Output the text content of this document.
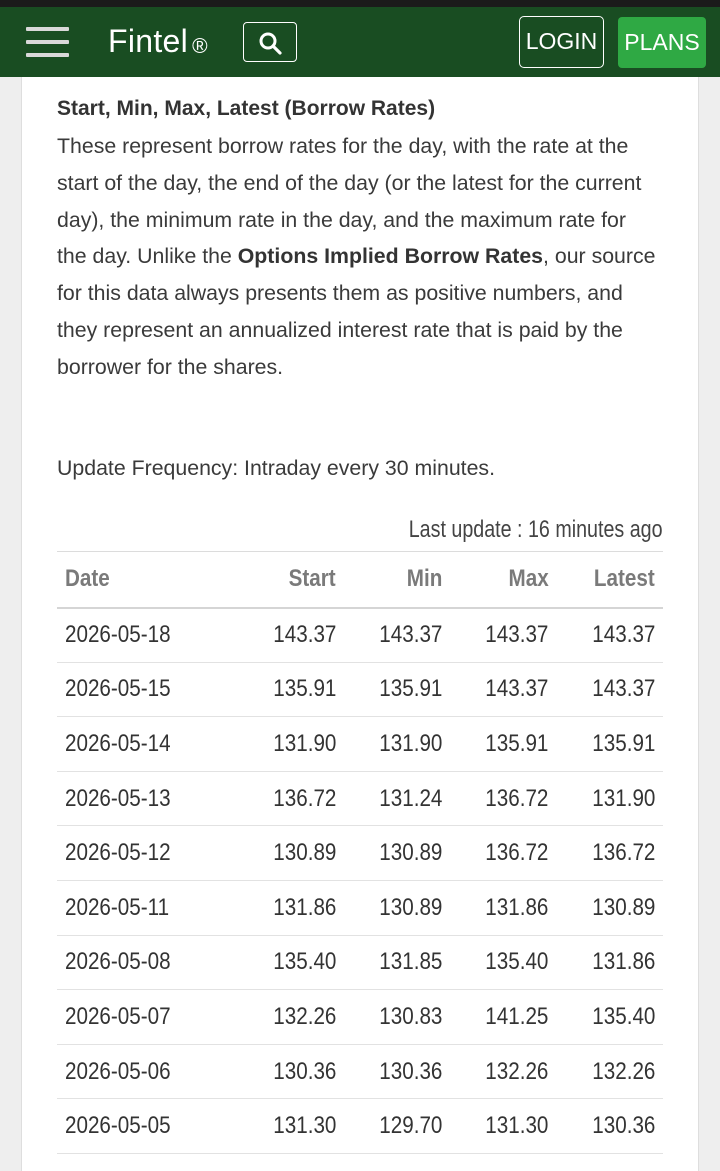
Fintel ®	LOGIN PLANS
Start, Min, Max, Latest (Borrow Rates)
These represent borrow rates for the day, with the rate at the start of the day, the end of the day (or the latest for the current day), the minimum rate in the day, and the maximum rate for the day. Unlike the Options Implied Borrow Rates, our source for this data always presents them as positive numbers, and they represent an annualized interest rate that is paid by the borrower for the shares.
Update Frequency: Intraday every 30 minutes.
Last update : 16 minutes ago
Date	Start	Min	Max	Latest
2026-05-18	143.37	143.37	143.37	143.37
2026-05-15	135.91	135.91	143.37	143.37
2026-05-14	131.90	131.90	135.91	135.91
2026-05-13	136.72	131.24	136.72	131.90
2026-05-12	130.89	130.89	136.72	136.72
2026-05-11	131.86	130.89	131.86	130.89
2026-05-08	135.40	131.85	135.40	131.86
2026-05-07	132.26	130.83	141.25	135.40
2026-05-06	130.36	130.36	132.26	132.26
2026-05-05	131.30	129.70	131.30	130.36
